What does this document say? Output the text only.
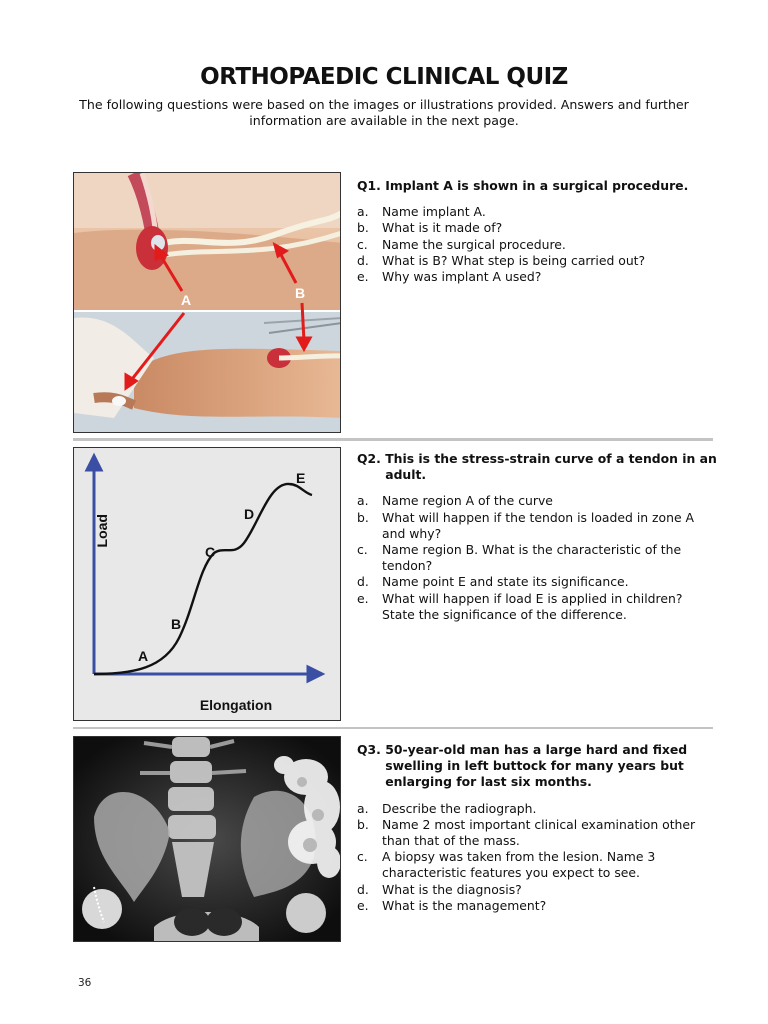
ORTHOPAEDIC CLINICAL QUIZ
The following questions were based on the images or illustrations provided. Answers and further information are available in the next page.
A	B
Q1.
Implant A is shown in a surgical procedure.
a.	Name implant A.
b.	What is it made of?
c.	Name the surgical procedure.
d.	What is B? What step is being carried out?
e.	Why was implant A used?
Load
Elongation
A
B
C
D
E
Q2.
This is the stress-strain curve of a tendon in an adult.
a.	Name region A of the curve
b.	What will happen if the tendon is loaded in zone A and why?
c.	Name region B. What is the characteristic of the tendon?
d.	Name point E and state its significance.
e.	What will happen if load E is applied in children? State the significance of the difference.
Q3.
50-year-old man has a large hard and fixed swelling in left buttock for many years but enlarging for last six months.
a.	Describe the radiograph.
b.	Name 2 most important clinical examination other than that of the mass.
c.	A biopsy was taken from the lesion. Name 3 characteristic features you expect to see.
d.	What is the diagnosis?
e.	What is the management?
36
